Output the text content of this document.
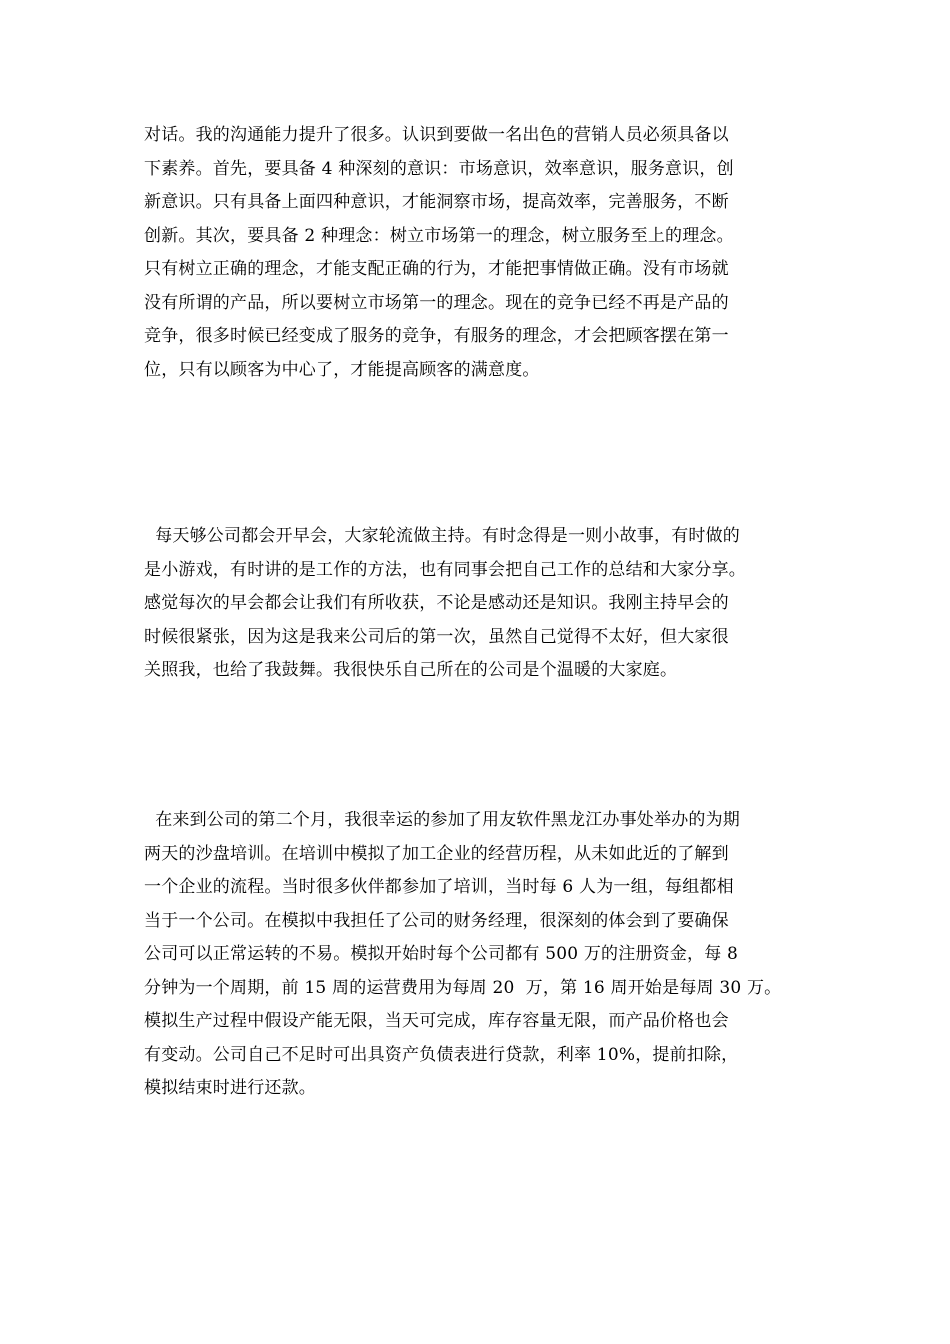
对话。我的沟通能力提升了很多。认识到要做一名出色的营销人员必须具备以
下素养。首先，要具备 4 种深刻的意识：市场意识，效率意识，服务意识，创
新意识。只有具备上面四种意识，才能洞察市场，提高效率，完善服务，不断
创新。其次，要具备 2 种理念：树立市场第一的理念，树立服务至上的理念。
只有树立正确的理念，才能支配正确的行为，才能把事情做正确。没有市场就
没有所谓的产品，所以要树立市场第一的理念。现在的竞争已经不再是产品的
竞争，很多时候已经变成了服务的竞争，有服务的理念，才会把顾客摆在第一
位，只有以顾客为中心了，才能提高顾客的满意度。
每天够公司都会开早会，大家轮流做主持。有时念得是一则小故事，有时做的
是小游戏，有时讲的是工作的方法，也有同事会把自己工作的总结和大家分享。
感觉每次的早会都会让我们有所收获，不论是感动还是知识。我刚主持早会的
时候很紧张，因为这是我来公司后的第一次，虽然自己觉得不太好，但大家很
关照我，也给了我鼓舞。我很快乐自己所在的公司是个温暖的大家庭。
在来到公司的第二个月，我很幸运的参加了用友软件黑龙江办事处举办的为期
两天的沙盘培训。在培训中模拟了加工企业的经营历程，从未如此近的了解到
一个企业的流程。当时很多伙伴都参加了培训，当时每 6 人为一组，每组都相
当于一个公司。在模拟中我担任了公司的财务经理，很深刻的体会到了要确保
公司可以正常运转的不易。模拟开始时每个公司都有 500 万的注册资金，每 8
分钟为一个周期，前 15 周的运营费用为每周 20  万，第 16 周开始是每周 30 万。
模拟生产过程中假设产能无限，当天可完成，库存容量无限，而产品价格也会
有变动。公司自己不足时可出具资产负债表进行贷款，利率 10%，提前扣除，
模拟结束时进行还款。
